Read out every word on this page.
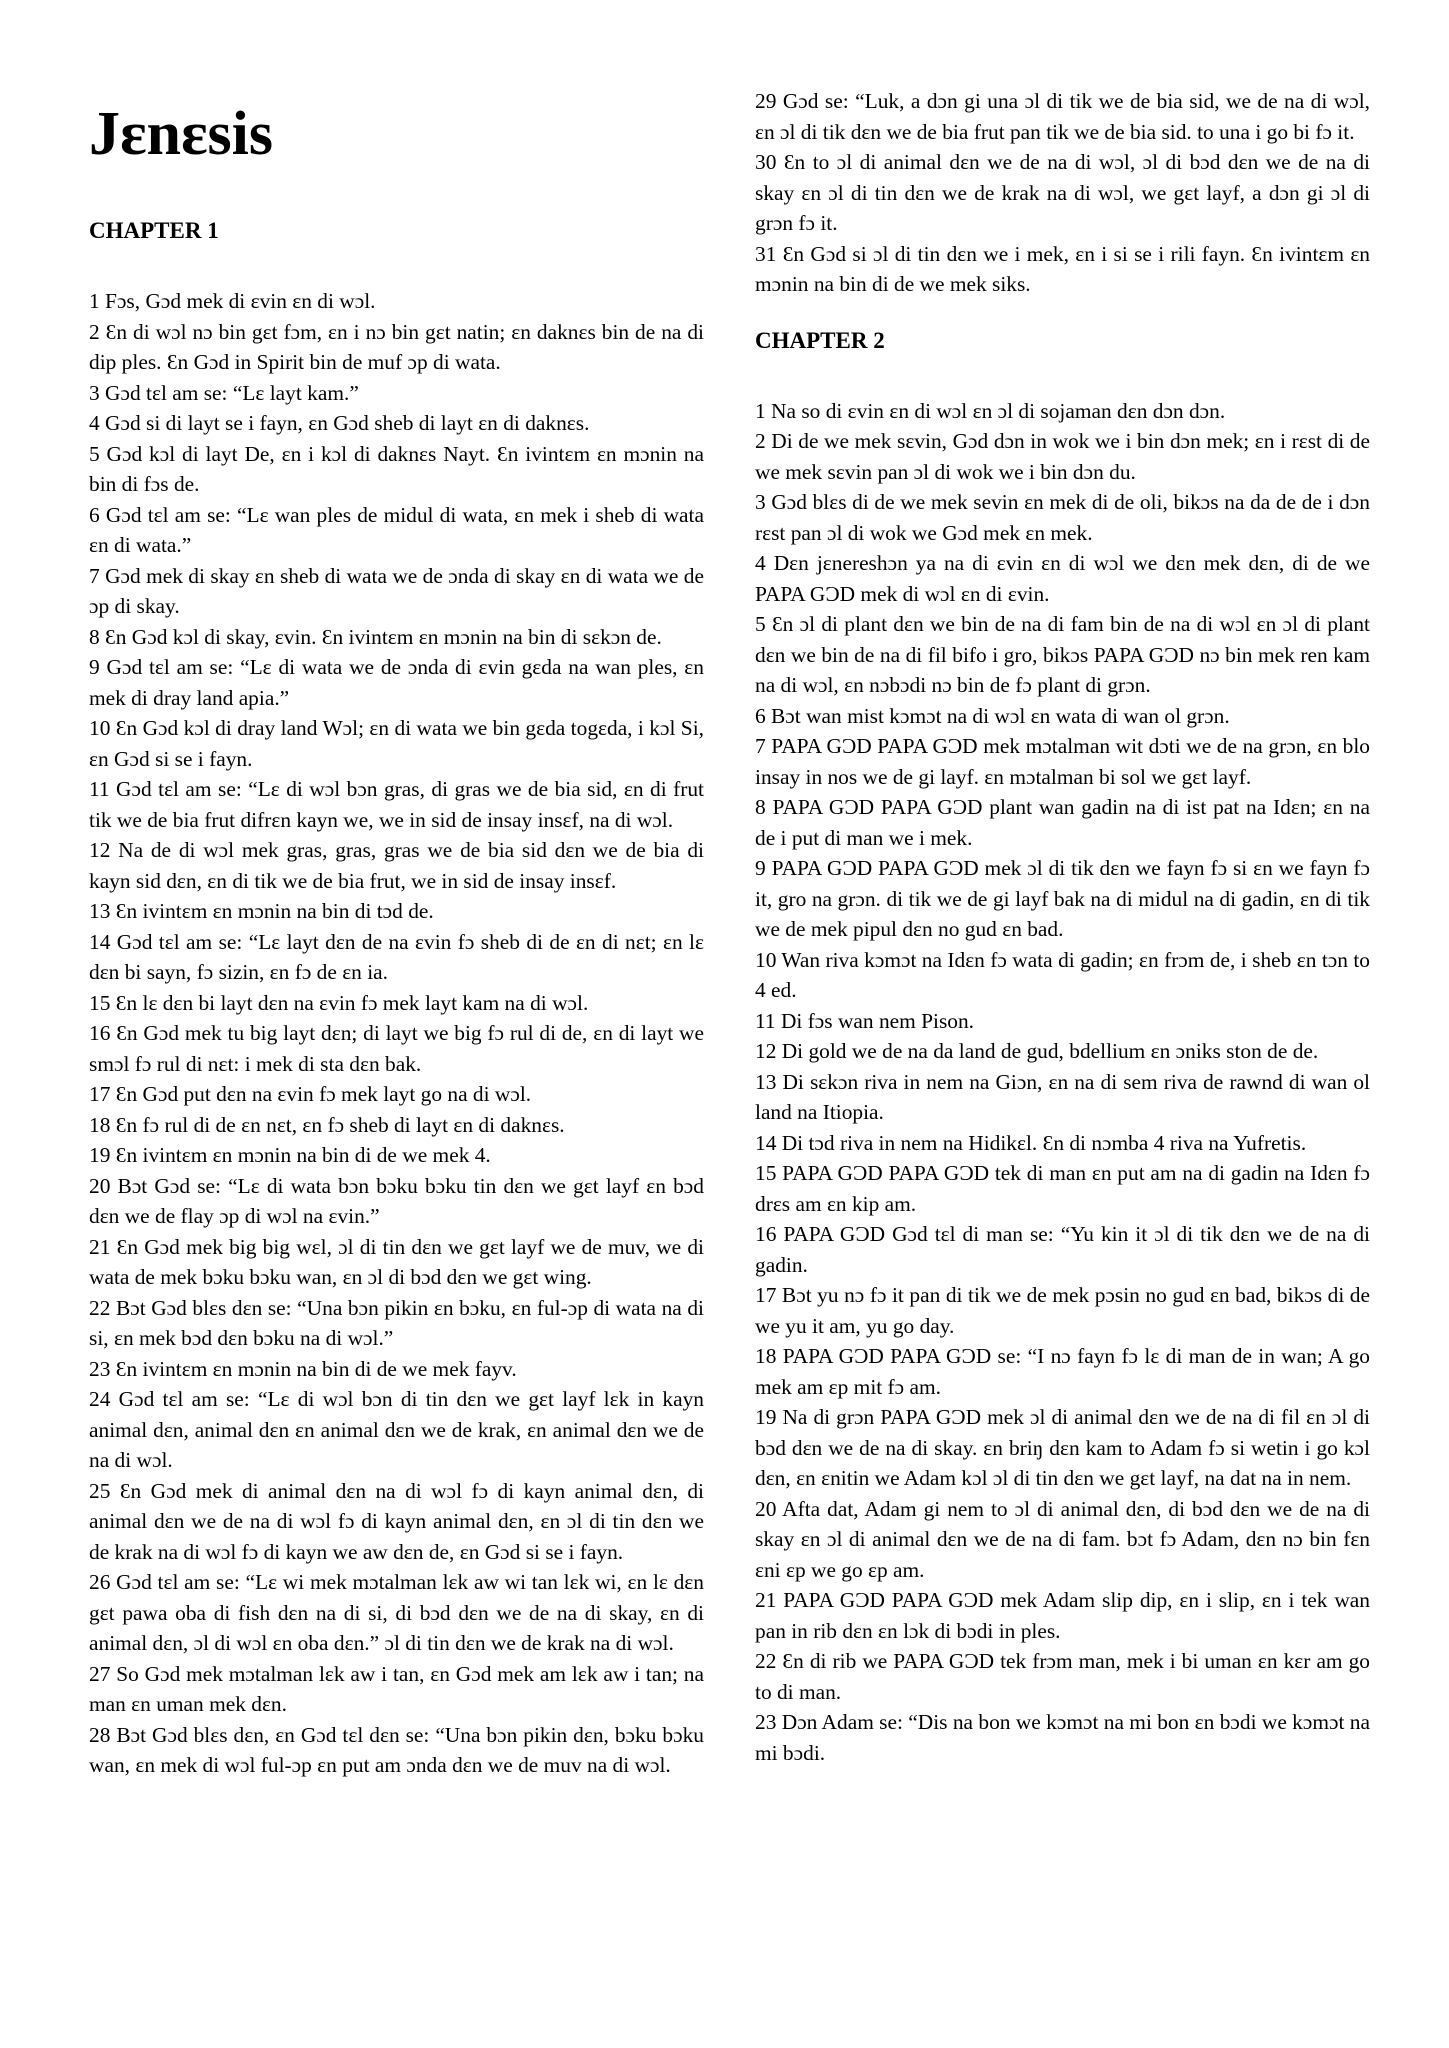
Jɛnɛsis
CHAPTER 1

1 Fɔs, Gɔd mek di ɛvin ɛn di wɔl.

2 Ɛn di wɔl nɔ bin gɛt fɔm, ɛn i nɔ bin gɛt natin; ɛn daknɛs bin de na di dip ples. Ɛn Gɔd in Spirit bin de muf ɔp di wata.

3 Gɔd tɛl am se: “Lɛ layt kam.”

4 Gɔd si di layt se i fayn, ɛn Gɔd sheb di layt ɛn di daknɛs.

5 Gɔd kɔl di layt De, ɛn i kɔl di daknɛs Nayt. Ɛn ivintɛm ɛn mɔnin na bin di fɔs de.

6 Gɔd tɛl am se: “Lɛ wan ples de midul di wata, ɛn mek i sheb di wata ɛn di wata.”

7 Gɔd mek di skay ɛn sheb di wata we de ɔnda di skay ɛn di wata we de ɔp di skay.

8 Ɛn Gɔd kɔl di skay, ɛvin. Ɛn ivintɛm ɛn mɔnin na bin di sɛkɔn de.

9 Gɔd tɛl am se: “Lɛ di wata we de ɔnda di ɛvin gɛda na wan ples, ɛn mek di dray land apia.”

10 Ɛn Gɔd kɔl di dray land Wɔl; ɛn di wata we bin gɛda togɛda, i kɔl Si, ɛn Gɔd si se i fayn.

11 Gɔd tɛl am se: “Lɛ di wɔl bɔn gras, di gras we de bia sid, ɛn di frut tik we de bia frut difrɛn kayn we, we in sid de insay insɛf, na di wɔl.

12 Na de di wɔl mek gras, gras, gras we de bia sid dɛn we de bia di kayn sid dɛn, ɛn di tik we de bia frut, we in sid de insay insɛf.

13 Ɛn ivintɛm ɛn mɔnin na bin di tɔd de.

14 Gɔd tɛl am se: “Lɛ layt dɛn de na ɛvin fɔ sheb di de ɛn di nɛt; ɛn lɛ dɛn bi sayn, fɔ sizin, ɛn fɔ de ɛn ia.

15 Ɛn lɛ dɛn bi layt dɛn na ɛvin fɔ mek layt kam na di wɔl.

16 Ɛn Gɔd mek tu big layt dɛn; di layt we big fɔ rul di de, ɛn di layt we smɔl fɔ rul di nɛt: i mek di sta dɛn bak.

17 Ɛn Gɔd put dɛn na ɛvin fɔ mek layt go na di wɔl.

18 Ɛn fɔ rul di de ɛn nɛt, ɛn fɔ sheb di layt ɛn di daknɛs.

19 Ɛn ivintɛm ɛn mɔnin na bin di de we mek 4.

20 Bɔt Gɔd se: “Lɛ di wata bɔn bɔku bɔku tin dɛn we gɛt layf ɛn bɔd dɛn we de flay ɔp di wɔl na ɛvin.”

21 Ɛn Gɔd mek big big wɛl, ɔl di tin dɛn we gɛt layf we de muv, we di wata de mek bɔku bɔku wan, ɛn ɔl di bɔd dɛn we gɛt wing.

22 Bɔt Gɔd blɛs dɛn se: “Una bɔn pikin ɛn bɔku, ɛn ful-ɔp di wata na di si, ɛn mek bɔd dɛn bɔku na di wɔl.”

23 Ɛn ivintɛm ɛn mɔnin na bin di de we mek fayv.

24 Gɔd tɛl am se: “Lɛ di wɔl bɔn di tin dɛn we gɛt layf lɛk in kayn animal dɛn, animal dɛn ɛn animal dɛn we de krak, ɛn animal dɛn we de na di wɔl.

25 Ɛn Gɔd mek di animal dɛn na di wɔl fɔ di kayn animal dɛn, di animal dɛn we de na di wɔl fɔ di kayn animal dɛn, ɛn ɔl di tin dɛn we de krak na di wɔl fɔ di kayn we aw dɛn de, ɛn Gɔd si se i fayn.

26 Gɔd tɛl am se: “Lɛ wi mek mɔtalman lɛk aw wi tan lɛk wi, ɛn lɛ dɛn gɛt pawa oba di fish dɛn na di si, di bɔd dɛn we de na di skay, ɛn di animal dɛn, ɔl di wɔl ɛn oba dɛn.” ɔl di tin dɛn we de krak na di wɔl.

27 So Gɔd mek mɔtalman lɛk aw i tan, ɛn Gɔd mek am lɛk aw i tan; na man ɛn uman mek dɛn.

28 Bɔt Gɔd blɛs dɛn, ɛn Gɔd tɛl dɛn se: “Una bɔn pikin dɛn, bɔku bɔku wan, ɛn mek di wɔl ful-ɔp ɛn put am ɔnda dɛn we de muv na di wɔl.

29 Gɔd se: “Luk, a dɔn gi una ɔl di tik we de bia sid, we de na di wɔl, ɛn ɔl di tik dɛn we de bia frut pan tik we de bia sid. to una i go bi fɔ it.

30 Ɛn to ɔl di animal dɛn we de na di wɔl, ɔl di bɔd dɛn we de na di skay ɛn ɔl di tin dɛn we de krak na di wɔl, we gɛt layf, a dɔn gi ɔl di grɔn fɔ it.

31 Ɛn Gɔd si ɔl di tin dɛn we i mek, ɛn i si se i rili fayn. Ɛn ivintɛm ɛn mɔnin na bin di de we mek siks.

CHAPTER 2

1 Na so di ɛvin ɛn di wɔl ɛn ɔl di sojaman dɛn dɔn dɔn.

2 Di de we mek sɛvin, Gɔd dɔn in wok we i bin dɔn mek; ɛn i rɛst di de we mek sɛvin pan ɔl di wok we i bin dɔn du.

3 Gɔd blɛs di de we mek sevin ɛn mek di de oli, bikɔs na da de de i dɔn rɛst pan ɔl di wok we Gɔd mek ɛn mek.

4 Dɛn jɛnereshɔn ya na di ɛvin ɛn di wɔl we dɛn mek dɛn, di de we PAPA GƆD mek di wɔl ɛn di ɛvin.

5 Ɛn ɔl di plant dɛn we bin de na di fam bin de na di wɔl ɛn ɔl di plant dɛn we bin de na di fil bifo i gro, bikɔs PAPA GƆD nɔ bin mek ren kam na di wɔl, ɛn nɔbɔdi nɔ bin de fɔ plant di grɔn.

6 Bɔt wan mist kɔmɔt na di wɔl ɛn wata di wan ol grɔn.

7 PAPA GƆD PAPA GƆD mek mɔtalman wit dɔti we de na grɔn, ɛn blo insay in nos we de gi layf. ɛn mɔtalman bi sol we gɛt layf.

8 PAPA GƆD PAPA GƆD plant wan gadin na di ist pat na Idɛn; ɛn na de i put di man we i mek.

9 PAPA GƆD PAPA GƆD mek ɔl di tik dɛn we fayn fɔ si ɛn we fayn fɔ it, gro na grɔn. di tik we de gi layf bak na di midul na di gadin, ɛn di tik we de mek pipul dɛn no gud ɛn bad.

10 Wan riva kɔmɔt na Idɛn fɔ wata di gadin; ɛn frɔm de, i sheb ɛn tɔn to 4 ed.

11 Di fɔs wan nem Pison.

12 Di gold we de na da land de gud, bdellium ɛn ɔniks ston de de.

13 Di sɛkɔn riva in nem na Giɔn, ɛn na di sem riva de rawnd di wan ol land na Itiopia.

14 Di tɔd riva in nem na Hidikɛl. Ɛn di nɔmba 4 riva na Yufretis.

15 PAPA GƆD PAPA GƆD tek di man ɛn put am na di gadin na Idɛn fɔ drɛs am ɛn kip am.

16 PAPA GƆD Gɔd tɛl di man se: “Yu kin it ɔl di tik dɛn we de na di gadin.

17 Bɔt yu nɔ fɔ it pan di tik we de mek pɔsin no gud ɛn bad, bikɔs di de we yu it am, yu go day.

18 PAPA GƆD PAPA GƆD se: “I nɔ fayn fɔ lɛ di man de in wan; A go mek am ɛp mit fɔ am.

19 Na di grɔn PAPA GƆD mek ɔl di animal dɛn we de na di fil ɛn ɔl di bɔd dɛn we de na di skay. ɛn briŋ dɛn kam to Adam fɔ si wetin i go kɔl dɛn, ɛn ɛnitin we Adam kɔl ɔl di tin dɛn we gɛt layf, na dat na in nem.

20 Afta dat, Adam gi nem to ɔl di animal dɛn, di bɔd dɛn we de na di skay ɛn ɔl di animal dɛn we de na di fam. bɔt fɔ Adam, dɛn nɔ bin fɛn ɛni ɛp we go ɛp am.

21 PAPA GƆD PAPA GƆD mek Adam slip dip, ɛn i slip, ɛn i tek wan pan in rib dɛn ɛn lɔk di bɔdi in ples.

22 Ɛn di rib we PAPA GƆD tek frɔm man, mek i bi uman ɛn kɛr am go to di man.

23 Dɔn Adam se: “Dis na bon we kɔmɔt na mi bon ɛn bɔdi we kɔmɔt na mi bɔdi.
